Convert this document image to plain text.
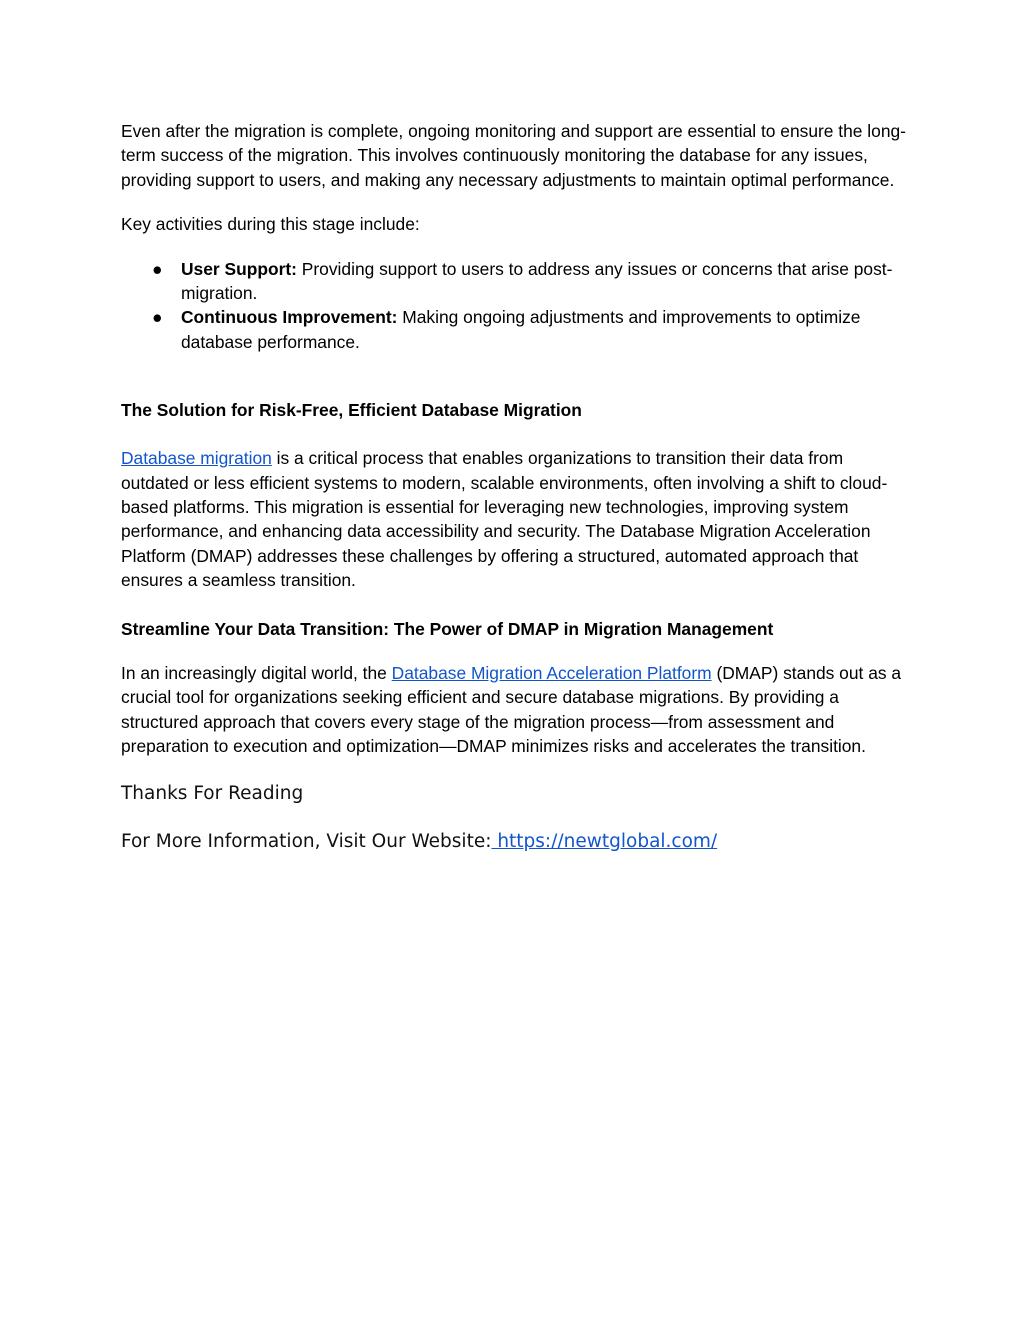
Even after the migration is complete, ongoing monitoring and support are essential to ensure the long-term success of the migration. This involves continuously monitoring the database for any issues, providing support to users, and making any necessary adjustments to maintain optimal performance.

Key activities during this stage include:

● User Support: Providing support to users to address any issues or concerns that arise post-migration.
● Continuous Improvement: Making ongoing adjustments and improvements to optimize database performance.
The Solution for Risk-Free, Efficient Database Migration

Database migration is a critical process that enables organizations to transition their data from outdated or less efficient systems to modern, scalable environments, often involving a shift to cloud-based platforms. This migration is essential for leveraging new technologies, improving system performance, and enhancing data accessibility and security. The Database Migration Acceleration Platform (DMAP) addresses these challenges by offering a structured, automated approach that ensures a seamless transition.

Streamline Your Data Transition: The Power of DMAP in Migration Management

In an increasingly digital world, the Database Migration Acceleration Platform (DMAP) stands out as a crucial tool for organizations seeking efficient and secure database migrations. By providing a structured approach that covers every stage of the migration process—from assessment and preparation to execution and optimization—DMAP minimizes risks and accelerates the transition.

Thanks For Reading

For More Information, Visit Our Website: https://newtglobal.com/
